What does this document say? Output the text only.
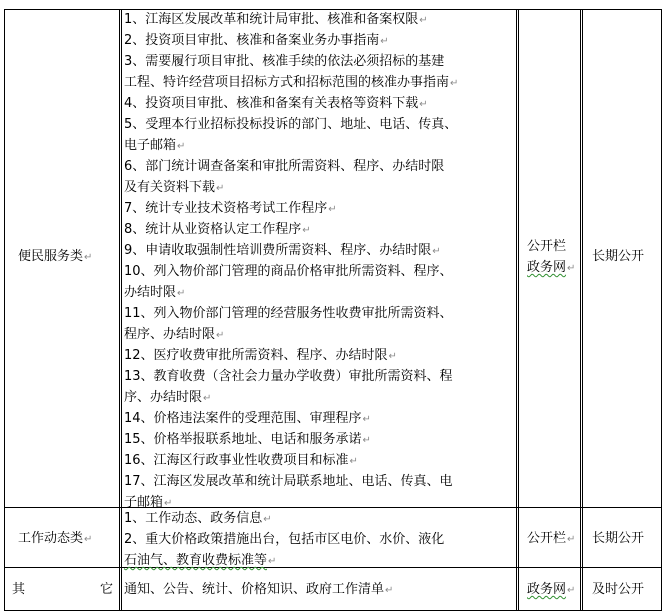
便民服务类↵
1、江海区发展改革和统计局审批、核准和备案权限↵
2、投资项目审批、核准和备案业务办事指南↵
3、需要履行项目审批、核准手续的依法必须招标的基建
工程、特许经营项目招标方式和招标范围的核准办事指南↵
4、投资项目审批、核准和备案有关表格等资料下载↵
5、受理本行业招标投标投诉的部门、地址、电话、传真、
电子邮箱↵
6、部门统计调查备案和审批所需资料、程序、办结时限
及有关资料下载↵
7、统计专业技术资格考试工作程序↵
8、统计从业资格认定工作程序↵
9、申请收取强制性培训费所需资料、程序、办结时限↵
10、列入物价部门管理的商品价格审批所需资料、程序、
办结时限↵
11、列入物价部门管理的经营服务性收费审批所需资料、
程序、办结时限↵
12、医疗收费审批所需资料、程序、办结时限↵
13、教育收费（含社会力量办学收费）审批所需资料、程
序、办结时限↵
14、价格违法案件的受理范围、审理程序↵
15、价格举报联系地址、电话和服务承诺↵
16、江海区行政事业性收费项目和标准↵
17、江海区发展改革和统计局联系地址、电话、传真、电
子邮箱↵
公开栏
政务网↵
长期公开
工作动态类↵
1、工作动态、政务信息↵
2、重大价格政策措施出台，包括市区电价、水价、液化
石油气、教育收费标准等↵
公开栏↵ 长期公开
其	它 通知、公告、统计、价格知识、政府工作清单↵	政务网↵ 及时公开
